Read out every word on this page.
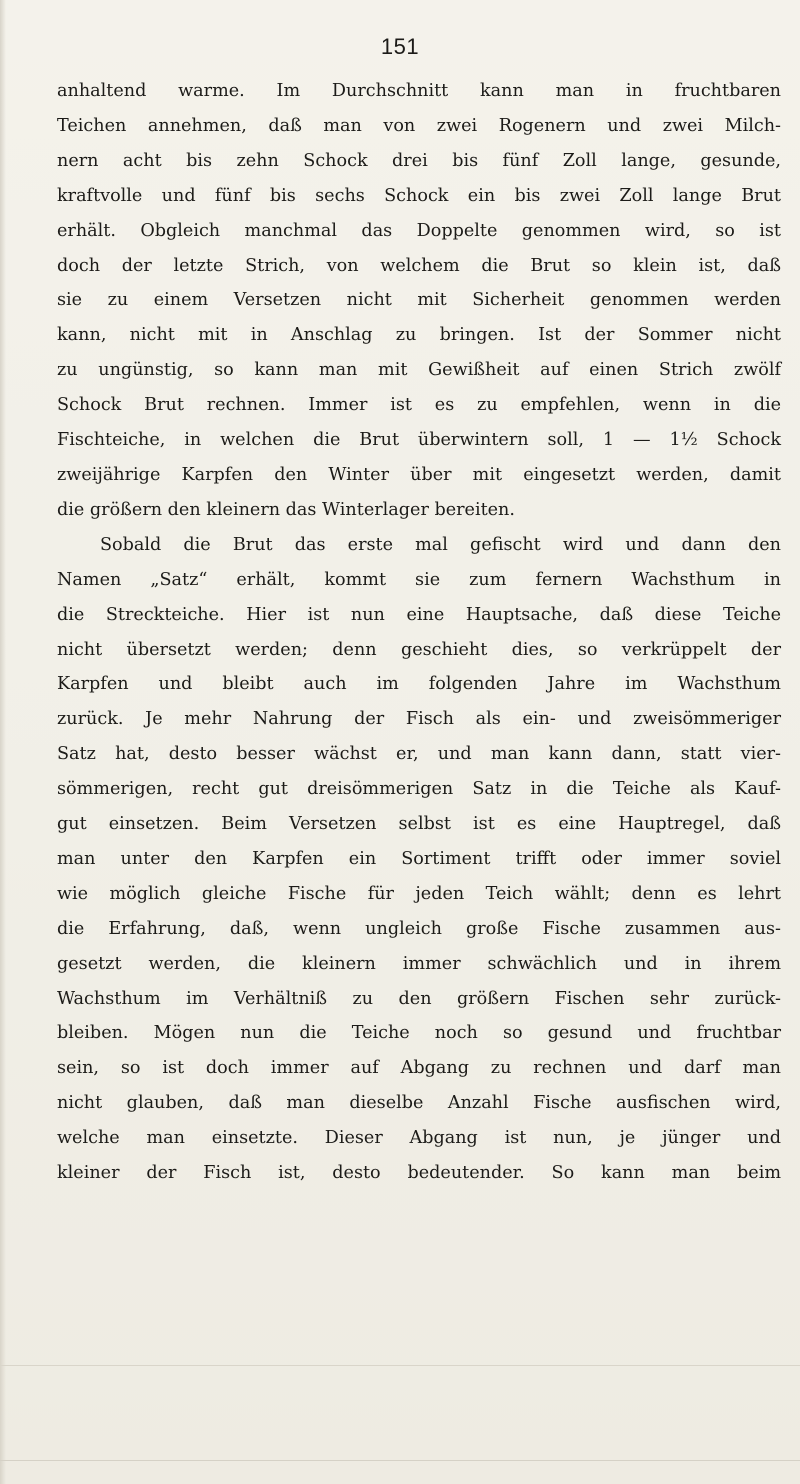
151
anhaltend warme. Im Durchschnitt kann man in fruchtbaren
Teichen annehmen, daß man von zwei Rogenern und zwei Milch-
nern acht bis zehn Schock drei bis fünf Zoll lange, gesunde,
kraftvolle und fünf bis sechs Schock ein bis zwei Zoll lange Brut
erhält. Obgleich manchmal das Doppelte genommen wird, so ist
doch der letzte Strich, von welchem die Brut so klein ist, daß
sie zu einem Versetzen nicht mit Sicherheit genommen werden
kann, nicht mit in Anschlag zu bringen. Ist der Sommer nicht
zu ungünstig, so kann man mit Gewißheit auf einen Strich zwölf
Schock Brut rechnen. Immer ist es zu empfehlen, wenn in die
Fischteiche, in welchen die Brut überwintern soll, 1 — 1½ Schock
zweijährige Karpfen den Winter über mit eingesetzt werden, damit
die größern den kleinern das Winterlager bereiten.
Sobald die Brut das erste mal gefischt wird und dann den
Namen „Satz“ erhält, kommt sie zum fernern Wachsthum in
die Streckteiche. Hier ist nun eine Hauptsache, daß diese Teiche
nicht übersetzt werden; denn geschieht dies, so verkrüppelt der
Karpfen und bleibt auch im folgenden Jahre im Wachsthum
zurück. Je mehr Nahrung der Fisch als ein- und zweisömmeriger
Satz hat, desto besser wächst er, und man kann dann, statt vier-
sömmerigen, recht gut dreisömmerigen Satz in die Teiche als Kauf-
gut einsetzen. Beim Versetzen selbst ist es eine Hauptregel, daß
man unter den Karpfen ein Sortiment trifft oder immer soviel
wie möglich gleiche Fische für jeden Teich wählt; denn es lehrt
die Erfahrung, daß, wenn ungleich große Fische zusammen aus-
gesetzt werden, die kleinern immer schwächlich und in ihrem
Wachsthum im Verhältniß zu den größern Fischen sehr zurück-
bleiben. Mögen nun die Teiche noch so gesund und fruchtbar
sein, so ist doch immer auf Abgang zu rechnen und darf man
nicht glauben, daß man dieselbe Anzahl Fische ausfischen wird,
welche man einsetzte. Dieser Abgang ist nun, je jünger und
kleiner der Fisch ist, desto bedeutender. So kann man beim
